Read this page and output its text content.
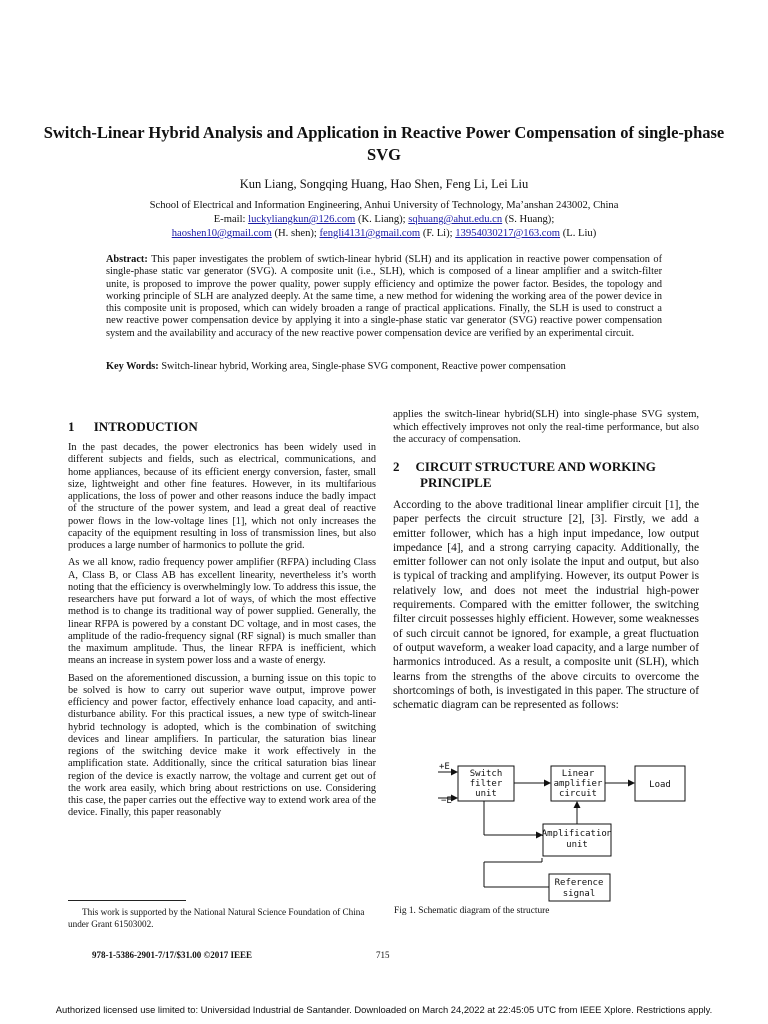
Switch-Linear Hybrid Analysis and Application in Reactive Power Compensation of single-phase SVG
Kun Liang, Songqing Huang, Hao Shen, Feng Li, Lei Liu
School of Electrical and Information Engineering, Anhui University of Technology, Ma’anshan 243002, China
E-mail: luckyliangkun@126.com (K. Liang); sqhuang@ahut.edu.cn (S. Huang);
haoshen10@gmail.com (H. shen); fengli4131@gmail.com (F. Li); 13954030217@163.com (L. Liu)
Abstract: This paper investigates the problem of swtich-linear hybrid (SLH) and its application in reactive power compensation of single-phase static var generator (SVG). A composite unit (i.e., SLH), which is composed of a linear amplifier and a switch-filter unite, is proposed to improve the power quality, power supply efficiency and optimize the power factor. Besides, the topology and working principle of SLH are analyzed deeply. At the same time, a new method for widening the working area of the power device in this composite unit is proposed, which can widely broaden a range of practical applications. Finally, the SLH is used to construct a new reactive power compensation device by applying it into a single-phase static var generator (SVG) reactive power compensation system and the availability and accuracy of the new reactive power compensation device are verified by an experimental circuit.
Key Words: Switch-linear hybrid, Working area, Single-phase SVG component, Reactive power compensation
1 INTRODUCTION

In the past decades, the power electronics has been widely used in different subjects and fields, such as electrical, communications, and home appliances, because of its efficient energy conversion, faster, small size, lightweight and other fine features. However, in its multifarious applications, the loss of power and other reasons induce the badly impact of the structure of the power system, and lead a great deal of reactive power flows in the low-voltage lines [1], which not only increases the capacity of the equipment resulting in loss of transmission lines, but also produces a large number of harmonics to pollute the grid.

As we all know, radio frequency power amplifier (RFPA) including Class A, Class B, or Class AB has excellent linearity, nevertheless it’s worth noting that the efficiency is overwhelmingly low. To address this issue, the researchers have put forward a lot of ways, of which the most effective method is to change its traditional way of power supplied. Generally, the linear RFPA is powered by a constant DC voltage, and in most cases, the amplitude of the radio-frequency signal (RF signal) is much smaller than the maximum amplitude. Thus, the linear RFPA is inefficient, which means an increase in system power loss and a waste of energy.

Based on the aforementioned discussion, a burning issue on this topic to be solved is how to carry out superior wave output, improve power efficiency and power factor, effectively enhance load capacity, and anti-disturbance ability. For this practical issues, a new type of switch-linear hybrid technology is adopted, which is the combination of switching devices and linear amplifiers. In particular, the saturation bias linear regions of the switching device make it work effectively in the amplification state. Additionally, since the critical saturation bias linear region of the device is exactly narrow, the voltage and current get out of the work area easily, which bring about restrictions on use. Considering this case, the paper carries out the effective way to extend work area of the device. Finally, this paper reasonably

This work is supported by the National Natural Science Foundation of China under Grant 61503002.
applies the switch-linear hybrid(SLH) into single-phase SVG system, which effectively improves not only the real-time performance, but also the accuracy of compensation.
2 CIRCUIT STRUCTURE AND WORKING
PRINCIPLE
According to the above traditional linear amplifier circuit [1], the paper perfects the circuit structure [2], [3]. Firstly, we add a emitter follower, which has a high input impedance, low output impedance [4], and a strong carrying capacity. Additionally, the emitter follower can not only isolate the input and output, but also is typical of tracking and amplifying. However, its output Power is relatively low, and does not meet the industrial high-power requirements. Compared with the emitter follower, the switching filter circuit possesses highly efficient. However, some weaknesses of such circuit cannot be ignored, for example, a great fluctuation of output waveform, a weaker load capacity, and a large number of harmonics introduced. As a result, a composite unit (SLH), which learns from the strengths of the above circuits to overcome the shortcomings of both, is investigated in this paper. The structure of schematic diagram can be represented as follows:
+E
−E
Switch
filter
unit
Linear
amplifier
circuit
Load
Amplification
unit
Reference
signal
Fig 1. Schematic diagram of the structure
978-1-5386-2901-7/17/$31.00 ©2017 IEEE	715
Authorized licensed use limited to: Universidad Industrial de Santander. Downloaded on March 24,2022 at 22:45:05 UTC from IEEE Xplore. Restrictions apply.
